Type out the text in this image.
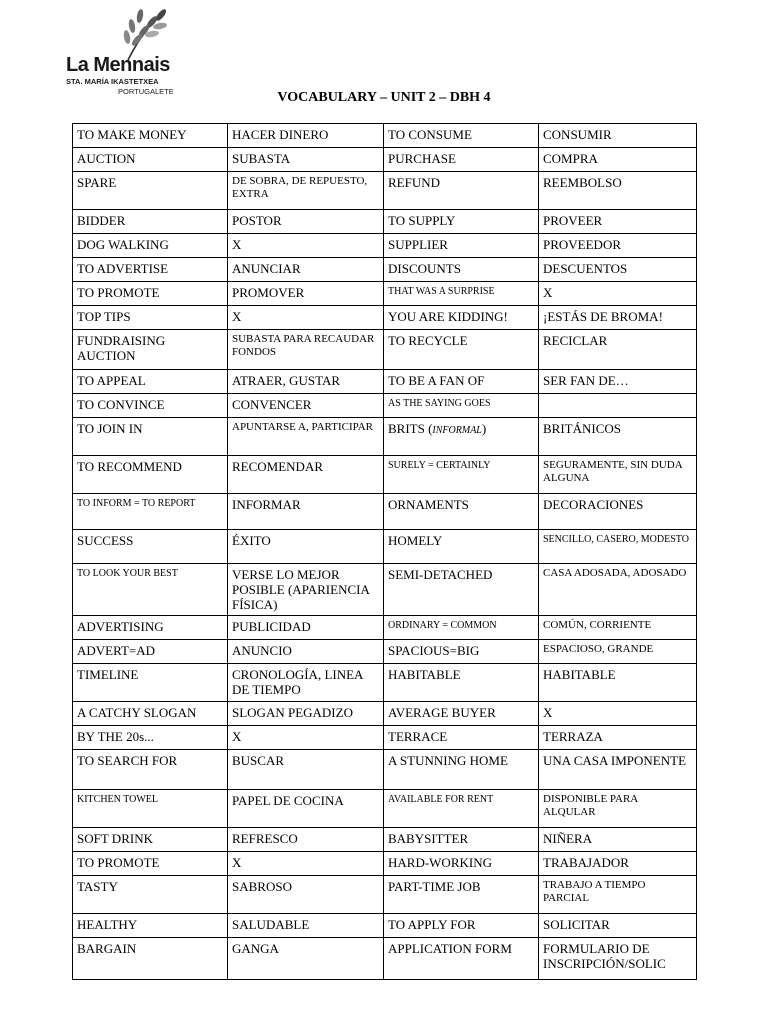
La Mennais
STA. MARÍA IKASTETXEA
PORTUGALETE	VOCABULARY – UNIT 2 – DBH 4
TO MAKE MONEY	HACER DINERO	TO CONSUME	CONSUMIR
AUCTION	SUBASTA	PURCHASE	COMPRA
SPARE	DE SOBRA, DE REPUESTO, EXTRA	REFUND	REEMBOLSO
BIDDER	POSTOR	TO SUPPLY	PROVEER
DOG WALKING	X	SUPPLIER	PROVEEDOR
TO ADVERTISE	ANUNCIAR	DISCOUNTS	DESCUENTOS
TO PROMOTE	PROMOVER	THAT WAS A SURPRISE	X
TOP TIPS	X	YOU ARE KIDDING!	¡ESTÁS DE BROMA!
FUNDRAISING AUCTION	SUBASTA PARA RECAUDAR FONDOS	TO RECYCLE	RECICLAR
TO APPEAL	ATRAER, GUSTAR	TO BE A FAN OF	SER FAN DE…
TO CONVINCE	CONVENCER	AS THE SAYING GOES	
TO JOIN IN	APUNTARSE A, PARTICIPAR	BRITS (INFORMAL)	BRITÁNICOS
TO RECOMMEND	RECOMENDAR	SURELY = CERTAINLY	SEGURAMENTE, SIN DUDA ALGUNA
TO INFORM = TO REPORT	INFORMAR	ORNAMENTS	DECORACIONES
SUCCESS	ÉXITO	HOMELY	SENCILLO, CASERO, MODESTO
TO LOOK YOUR BEST	VERSE LO MEJOR POSIBLE (APARIENCIA FÍSICA)	SEMI-DETACHED	CASA ADOSADA, ADOSADO
ADVERTISING	PUBLICIDAD	ORDINARY = COMMON	COMÚN, CORRIENTE
ADVERT=AD	ANUNCIO	SPACIOUS=BIG	ESPACIOSO, GRANDE
TIMELINE	CRONOLOGÍA, LINEA DE TIEMPO	HABITABLE	HABITABLE
A CATCHY SLOGAN	SLOGAN PEGADIZO	AVERAGE BUYER	X
BY THE 20s...	X	TERRACE	TERRAZA
TO SEARCH FOR	BUSCAR	A STUNNING HOME	UNA CASA IMPONENTE
KITCHEN TOWEL	PAPEL DE COCINA	AVAILABLE FOR RENT	DISPONIBLE PARA ALQULAR
SOFT DRINK	REFRESCO	BABYSITTER	NIÑERA
TO PROMOTE	X	HARD-WORKING	TRABAJADOR
TASTY	SABROSO	PART-TIME JOB	TRABAJO A TIEMPO PARCIAL
HEALTHY	SALUDABLE	TO APPLY FOR	SOLICITAR
BARGAIN	GANGA	APPLICATION FORM	FORMULARIO DE INSCRIPCIÓN/SOLIC
